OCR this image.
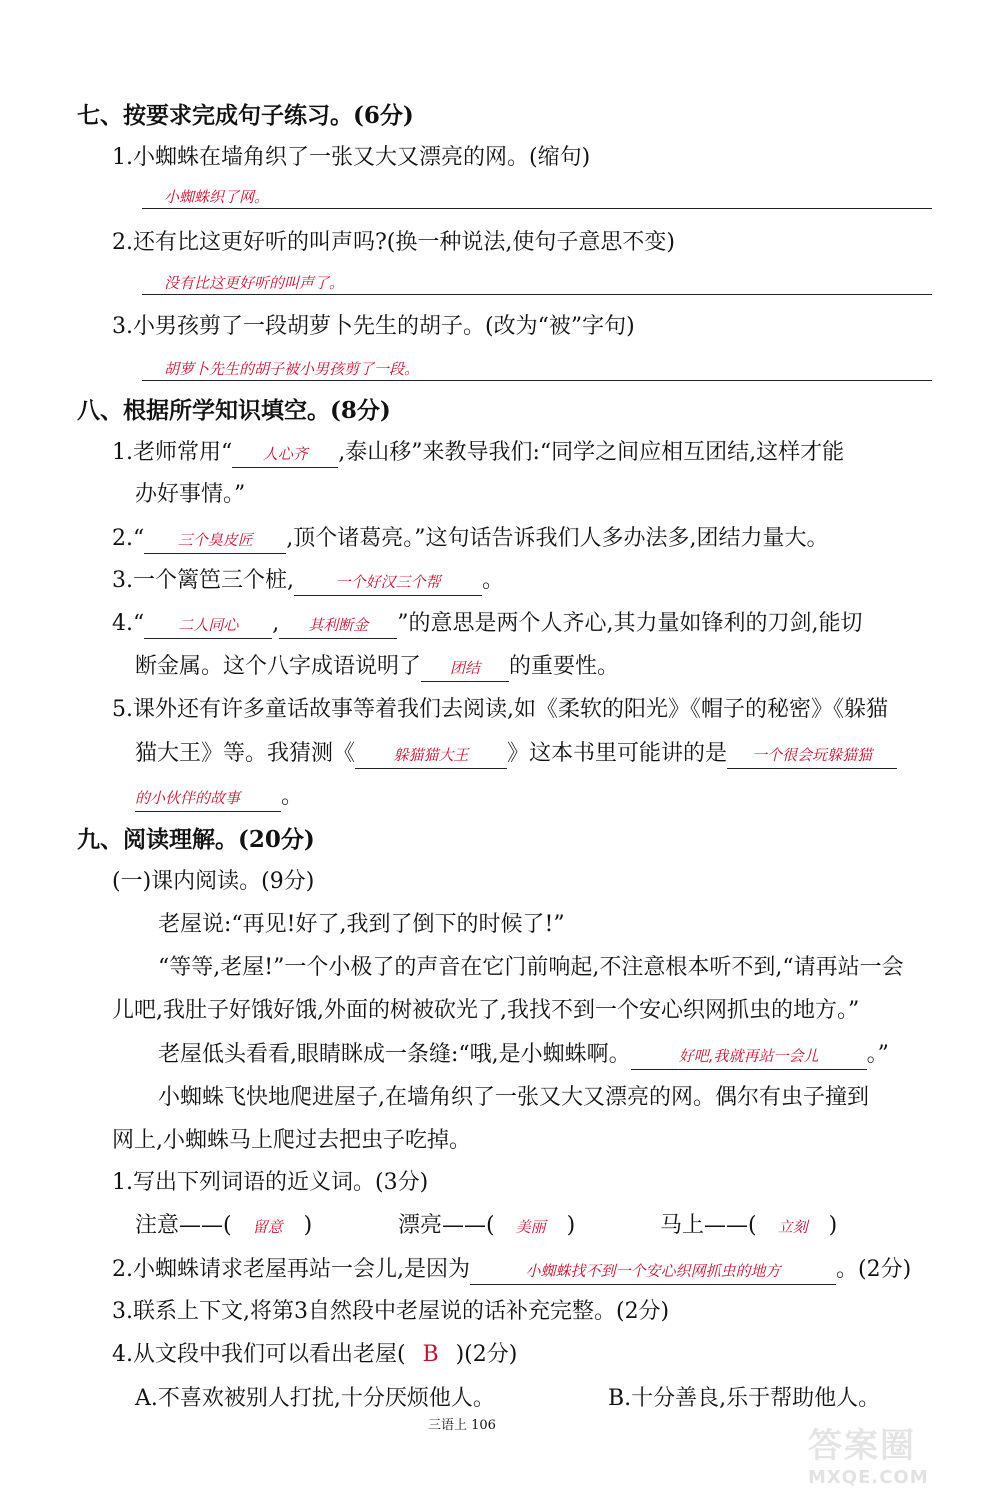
七、按要求完成句子练习。(6分)
1.小蜘蛛在墙角织了一张又大又漂亮的网。(缩句)
小蜘蛛织了网。
2.还有比这更好听的叫声吗?(换一种说法,使句子意思不变)
没有比这更好听的叫声了。
3.小男孩剪了一段胡萝卜先生的胡子。(改为“被”字句)
胡萝卜先生的胡子被小男孩剪了一段。
八、根据所学知识填空。(8分)
1.老师常用“ 人心齐 ,泰山移”来教导我们:“同学之间应相互团结,这样才能
办好事情。”
2.“ 三个臭皮匠 ,顶个诸葛亮。”这句话告诉我们人多办法多,团结力量大。
3.一个篱笆三个桩,	一个好汉三个帮 。
4.“ 二人同心 , 其利断金 ”的意思是两个人齐心,其力量如锋利的刀剑,能切
断金属。这个八字成语说明了 团结 的重要性。
5.课外还有许多童话故事等着我们去阅读,如《柔软的阳光》《帽子的秘密》《躲猫
猫大王》等。我猜测《	躲猫猫大王 》这本书里可能讲的是 一个很会玩躲猫猫
的小伙伴的故事 。
九、阅读理解。(20分)
(一)课内阅读。(9分)
老屋说:“再见!好了,我到了倒下的时候了!”
“等等,老屋!”一个小极了的声音在它门前响起,不注意根本听不到,“请再站一会
儿吧,我肚子好饿好饿,外面的树被砍光了,我找不到一个安心织网抓虫的地方。”
老屋低头看看,眼睛眯成一条缝:“哦,是小蜘蛛啊。	好吧,我就再站一会儿 。”
小蜘蛛飞快地爬进屋子,在墙角织了一张又大又漂亮的网。偶尔有虫子撞到
网上,小蜘蛛马上爬过去把虫子吃掉。
1.写出下列词语的近义词。(3分)
注意——( 留意 )	漂亮——( 美丽 )	马上——( 立刻 )
2.小蜘蛛请求老屋再站一会儿,是因为	小蜘蛛找不到一个安心织网抓虫的地方	。(2分)
3.联系上下文,将第3自然段中老屋说的话补充完整。(2分)
4.从文段中我们可以看出老屋( B )(2分)
A.不喜欢被别人打扰,十分厌烦他人。	B.十分善良,乐于帮助他人。
三语上 106
答案圈
MXQE.COM
